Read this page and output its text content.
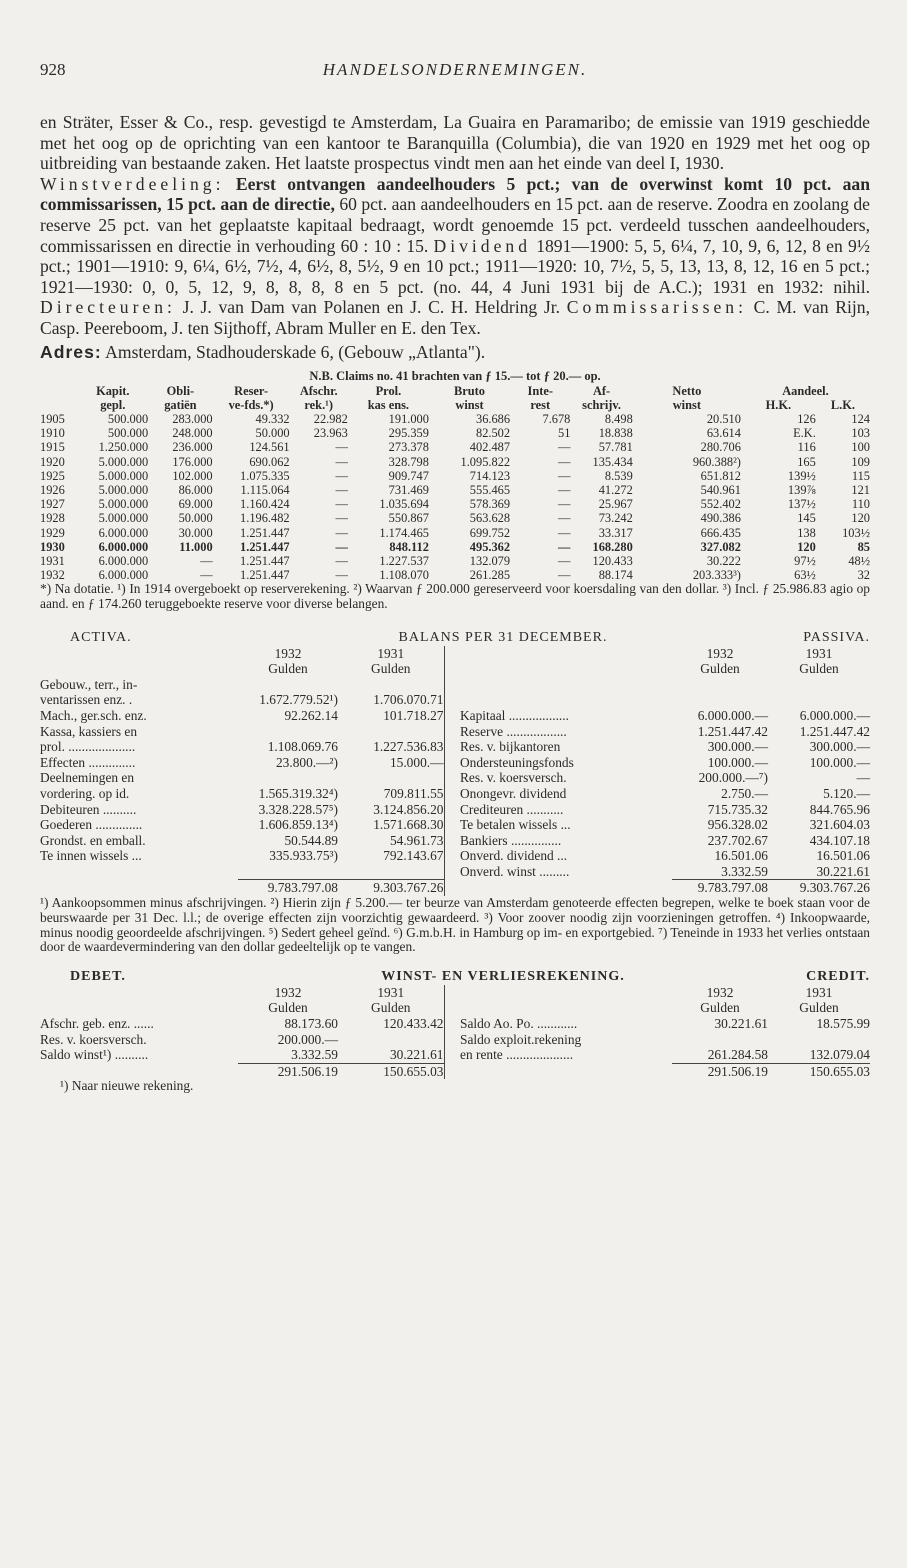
928	HANDELSONDERNEMINGEN.

en Sträter, Esser & Co., resp. gevestigd te Amsterdam, La Guaira en Paramaribo; de emissie van 1919 geschiedde met het oog op de oprichting van een kantoor te Baranquilla (Columbia), die van 1920 en 1929 met het oog op uitbreiding van bestaande zaken. Het laatste prospectus vindt men aan het einde van deel I, 1930.

Winstverdeeling: Eerst ontvangen aandeelhouders 5 pct.; van de overwinst komt 10 pct. aan commissarissen, 15 pct. aan de directie, 60 pct. aan aandeelhouders en 15 pct. aan de reserve. Zoodra en zoolang de reserve 25 pct. van het geplaatste kapitaal bedraagt, wordt genoemde 15 pct. verdeeld tusschen aandeelhouders, commissarissen en directie in verhouding 60 : 10 : 15. Dividend 1891—1900: 5, 5, 6¼, 7, 10, 9, 6, 12, 8 en 9½ pct.; 1901—1910: 9, 6¼, 6½, 7½, 4, 6½, 8, 5½, 9 en 10 pct.; 1911—1920: 10, 7½, 5, 5, 13, 13, 8, 12, 16 en 5 pct.; 1921—1930: 0, 0, 5, 12, 9, 8, 8, 8, 8 en 5 pct. (no. 44, 4 Juni 1931 bij de A.C.); 1931 en 1932: nihil. Directeuren: J. J. van Dam van Polanen en J. C. H. Heldring Jr. Commissarissen: C. M. van Rijn, Casp. Peereboom, J. ten Sijthoff, Abram Muller en E. den Tex.

Adres: Amsterdam, Stadhouderskade 6, (Gebouw „Atlanta").
N.B. Claims no. 41 brachten van ƒ 15.— tot ƒ 20.— op.
	Kapit.	Obli-	Reser-	Afschr.	Prol.	Bruto	Inte-	Af-	Netto	Aandeel.	
	gepl.	gatiën	ve-fds.*)	rek.¹)	kas ens.	winst	rest	schrijv.	winst	H.K.	L.K.
1905	500.000	283.000	49.332	22.982	191.000	36.686	7.678	8.498	20.510	126	124
1910	500.000	248.000	50.000	23.963	295.359	82.502	51	18.838	63.614	E.K.	103
1915	1.250.000	236.000	124.561	—	273.378	402.487	—	57.781	280.706	116	100
1920	5.000.000	176.000	690.062	—	328.798	1.095.822	—	135.434	960.388²)	165	109
1925	5.000.000	102.000	1.075.335	—	909.747	714.123	—	8.539	651.812	139½	115
1926	5.000.000	86.000	1.115.064	—	731.469	555.465	—	41.272	540.961	139⅞	121
1927	5.000.000	69.000	1.160.424	—	1.035.694	578.369	—	25.967	552.402	137½	110
1928	5.000.000	50.000	1.196.482	—	550.867	563.628	—	73.242	490.386	145	120
1929	6.000.000	30.000	1.251.447	—	1.174.465	699.752	—	33.317	666.435	138	103½
1930	6.000.000	11.000	1.251.447	—	848.112	495.362	—	168.280	327.082	120	85
1931	6.000.000	—	1.251.447	—	1.227.537	132.079	—	120.433	30.222	97½	48½
1932	6.000.000	—	1.251.447	—	1.108.070	261.285	—	88.174	203.333³)	63½	32
*) Na dotatie. ¹) In 1914 overgeboekt op reserverekening. ²) Waarvan ƒ 200.000 gereserveerd voor koersdaling van den dollar. ³) Incl. ƒ 25.986.83 agio op aand. en ƒ 174.260 teruggeboekte reserve voor diverse belangen.
ACTIVA.	BALANS PER 31 DECEMBER.					PASSIVA.
	1932	1931			1932	1931
	Gulden	Gulden			Gulden	Gulden
Gebouw., terr., in-						
ventarissen enz. .	1.672.779.52¹)	1.706.070.71				
Mach., ger.sch. enz.	92.262.14	101.718.27		Kapitaal ..................	6.000.000.—	6.000.000.—
Kassa, kassiers en				Reserve ..................	1.251.447.42	1.251.447.42
prol. ....................	1.108.069.76	1.227.536.83		Res. v. bijkantoren	300.000.—	300.000.—
Effecten ..............	23.800.—²)	15.000.—		Ondersteuningsfonds	100.000.—	100.000.—
Deelnemingen en				Res. v. koersversch.	200.000.—⁷)	—
vordering. op id.	1.565.319.32⁴)	709.811.55		Onongevr. dividend	2.750.—	5.120.—
Debiteuren ..........	3.328.228.57⁵)	3.124.856.20		Crediteuren ...........	715.735.32	844.765.96
Goederen ..............	1.606.859.13⁴)	1.571.668.30		Te betalen wissels ...	956.328.02	321.604.03
Grondst. en emball.	50.544.89	54.961.73		Bankiers ...............	237.702.67	434.107.18
Te innen wissels ...	335.933.75³)	792.143.67		Onverd. dividend ...	16.501.06	16.501.06
				Onverd. winst .........	3.332.59	30.221.61
	9.783.797.08	9.303.767.26			9.783.797.08	9.303.767.26
¹) Aankoopsommen minus afschrijvingen. ²) Hierin zijn ƒ 5.200.— ter beurze van Amsterdam genoteerde effecten begrepen, welke te boek staan voor de beurswaarde per 31 Dec. l.l.; de overige effecten zijn voorzichtig gewaardeerd. ³) Voor zoover noodig zijn voorzieningen getroffen. ⁴) Inkoopwaarde, minus noodig geoordeelde afschrijvingen. ⁵) Sedert geheel geïnd. ⁶) G.m.b.H. in Hamburg op im- en exportgebied. ⁷) Teneinde in 1933 het verlies ontstaan door de waardevermindering van den dollar gedeeltelijk op te vangen.
DEBET.	WINST- EN VERLIESREKENING.					CREDIT.
	1932	1931			1932	1931
	Gulden	Gulden			Gulden	Gulden
Afschr. geb. enz. ......	88.173.60	120.433.42		Saldo Ao. Po. ............	30.221.61	18.575.99
Res. v. koersversch.	200.000.—			Saldo exploit.rekening		
Saldo winst¹) ..........	3.332.59	30.221.61		en rente ....................	261.284.58	132.079.04
	291.506.19	150.655.03			291.506.19	150.655.03
¹) Naar nieuwe rekening.
